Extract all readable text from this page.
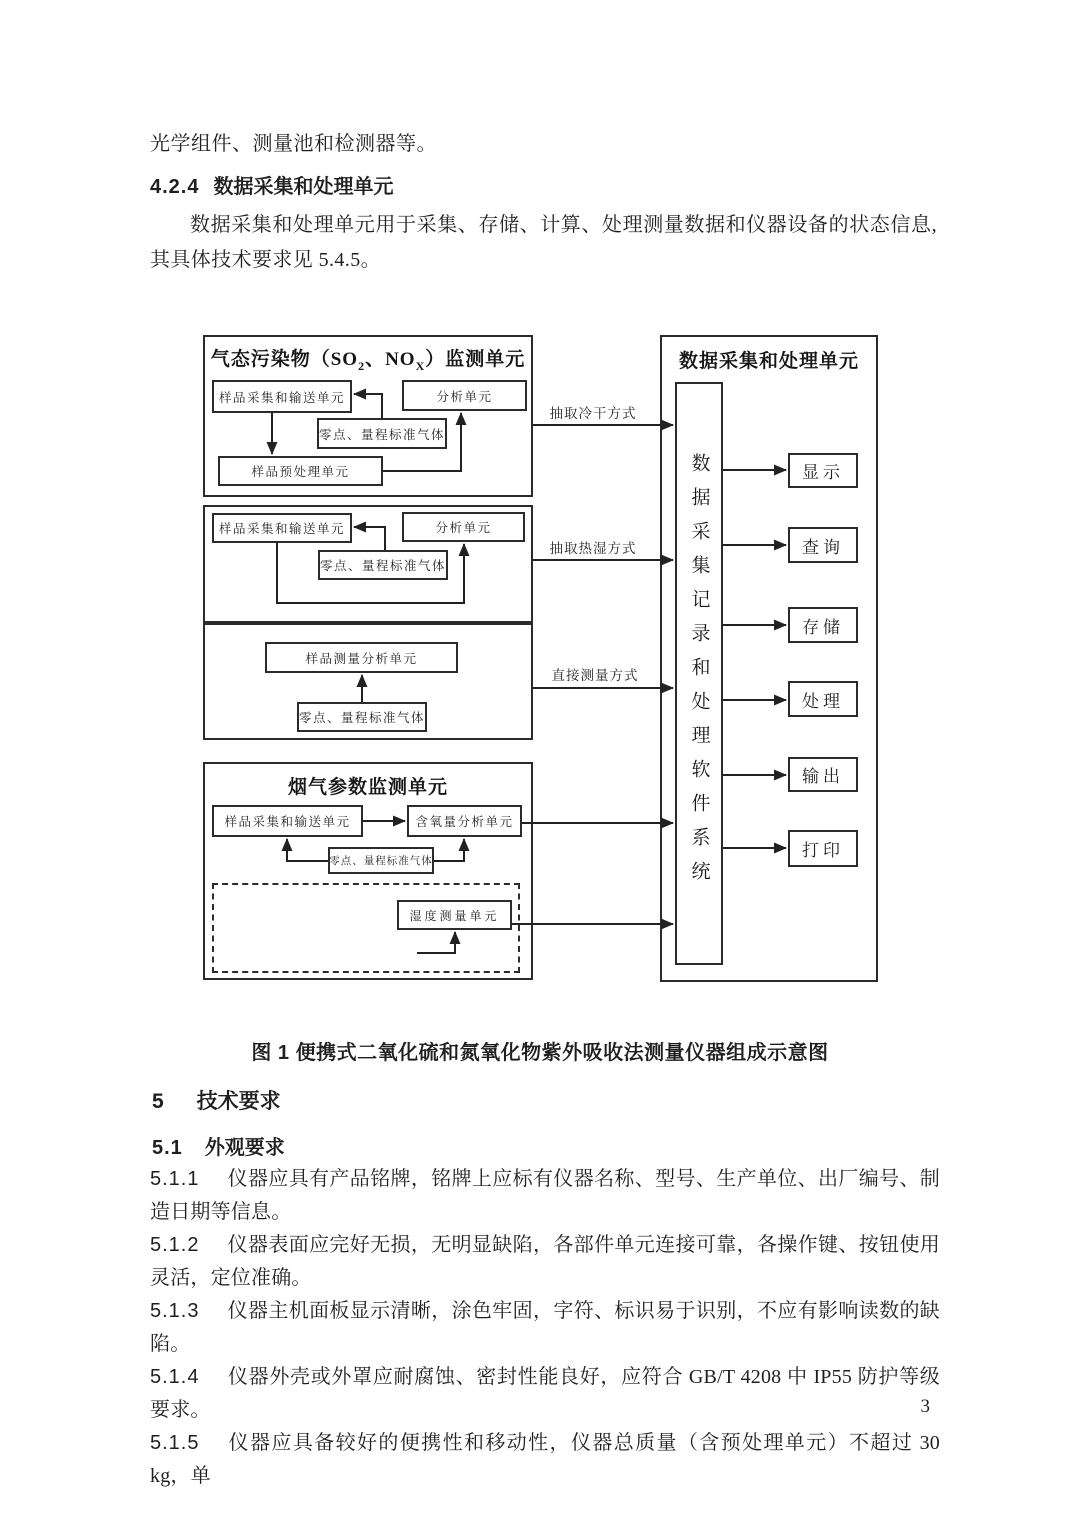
光学组件、测量池和检测器等。

4.2.4 数据采集和处理单元

数据采集和处理单元用于采集、存储、计算、处理测量数据和仪器设备的状态信息,其具体技术要求见 5.4.5。

气态污染物（$SO_2$、$NO_X$）监测单元
烟气参数监测单元
数据采集和处理单元
样品采集和输送单元	分析单元
零点、量程标准气体
样品预处理单元
样品采集和输送单元	分析单元
零点、量程标准气体
样品测量分析单元
零点、量程标准气体
样品采集和输送单元	含氧量分析单元
零点、量程标准气体
湿度测量单元
数据采集记录和处理软件系统	显示
查询
存储
处理
输出
打印
抽取冷干方式
抽取热湿方式
直接测量方式
图 1 便携式二氧化硫和氮氧化物紫外吸收法测量仪器组成示意图
5 技术要求
5.1 外观要求

5.1.1 仪器应具有产品铭牌，铭牌上应标有仪器名称、型号、生产单位、出厂编号、制造日期等信息。

5.1.2 仪器表面应完好无损，无明显缺陷，各部件单元连接可靠，各操作键、按钮使用灵活，定位准确。

5.1.3 仪器主机面板显示清晰，涂色牢固，字符、标识易于识别，不应有影响读数的缺陷。

5.1.4 仪器外壳或外罩应耐腐蚀、密封性能良好，应符合 GB/T 4208 中 IP55 防护等级要求。

5.1.5 仪器应具备较好的便携性和移动性，仪器总质量（含预处理单元）不超过 30 kg，单

3
